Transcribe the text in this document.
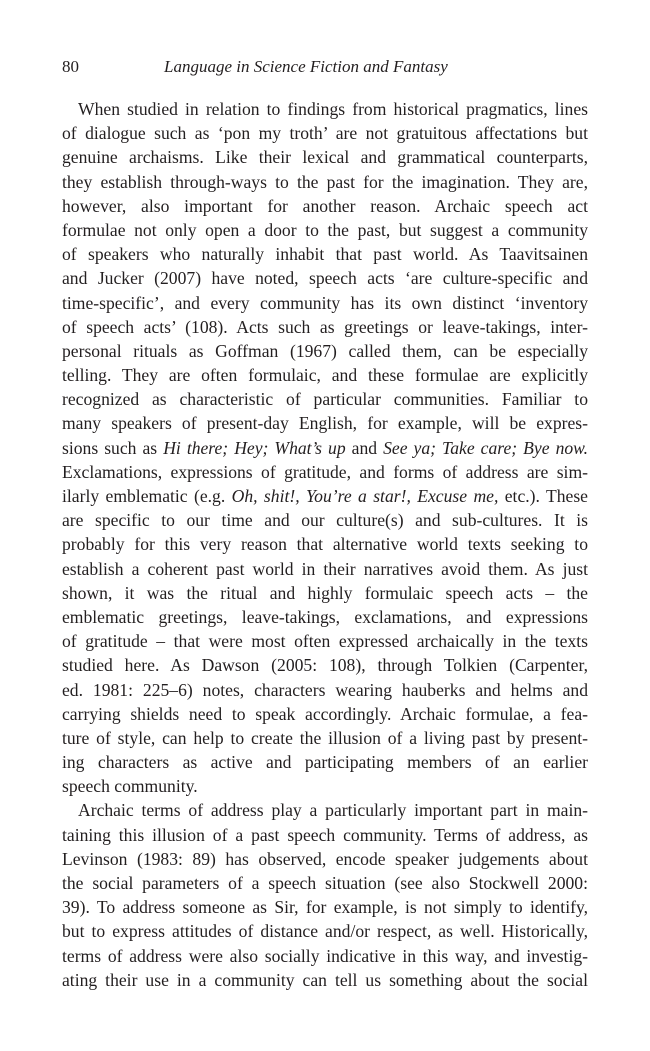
80	Language in Science Fiction and Fantasy
When studied in relation to findings from historical pragmatics, lines
of dialogue such as ‘pon my troth’ are not gratuitous affectations but
genuine archaisms. Like their lexical and grammatical counterparts,
they establish through-ways to the past for the imagination. They are,
however, also important for another reason. Archaic speech act
formulae not only open a door to the past, but suggest a community
of speakers who naturally inhabit that past world. As Taavitsainen
and Jucker (2007) have noted, speech acts ‘are culture-specific and
time-specific’, and every community has its own distinct ‘inventory
of speech acts’ (108). Acts such as greetings or leave-takings, inter-
personal rituals as Goffman (1967) called them, can be especially
telling. They are often formulaic, and these formulae are explicitly
recognized as characteristic of particular communities. Familiar to
many speakers of present-day English, for example, will be expres-
sions such as Hi there; Hey; What’s up and See ya; Take care; Bye now.
Exclamations, expressions of gratitude, and forms of address are sim-
ilarly emblematic (e.g. Oh, shit!, You’re a star!, Excuse me, etc.). These
are specific to our time and our culture(s) and sub-cultures. It is
probably for this very reason that alternative world texts seeking to
establish a coherent past world in their narratives avoid them. As just
shown, it was the ritual and highly formulaic speech acts – the
emblematic greetings, leave-takings, exclamations, and expressions
of gratitude – that were most often expressed archaically in the texts
studied here. As Dawson (2005: 108), through Tolkien (Carpenter,
ed. 1981: 225–6) notes, characters wearing hauberks and helms and
carrying shields need to speak accordingly. Archaic formulae, a fea-
ture of style, can help to create the illusion of a living past by present-
ing characters as active and participating members of an earlier
speech community.
Archaic terms of address play a particularly important part in main-
taining this illusion of a past speech community. Terms of address, as
Levinson (1983: 89) has observed, encode speaker judgements about
the social parameters of a speech situation (see also Stockwell 2000:
39). To address someone as Sir, for example, is not simply to identify,
but to express attitudes of distance and/or respect, as well. Historically,
terms of address were also socially indicative in this way, and investig-
ating their use in a community can tell us something about the social
